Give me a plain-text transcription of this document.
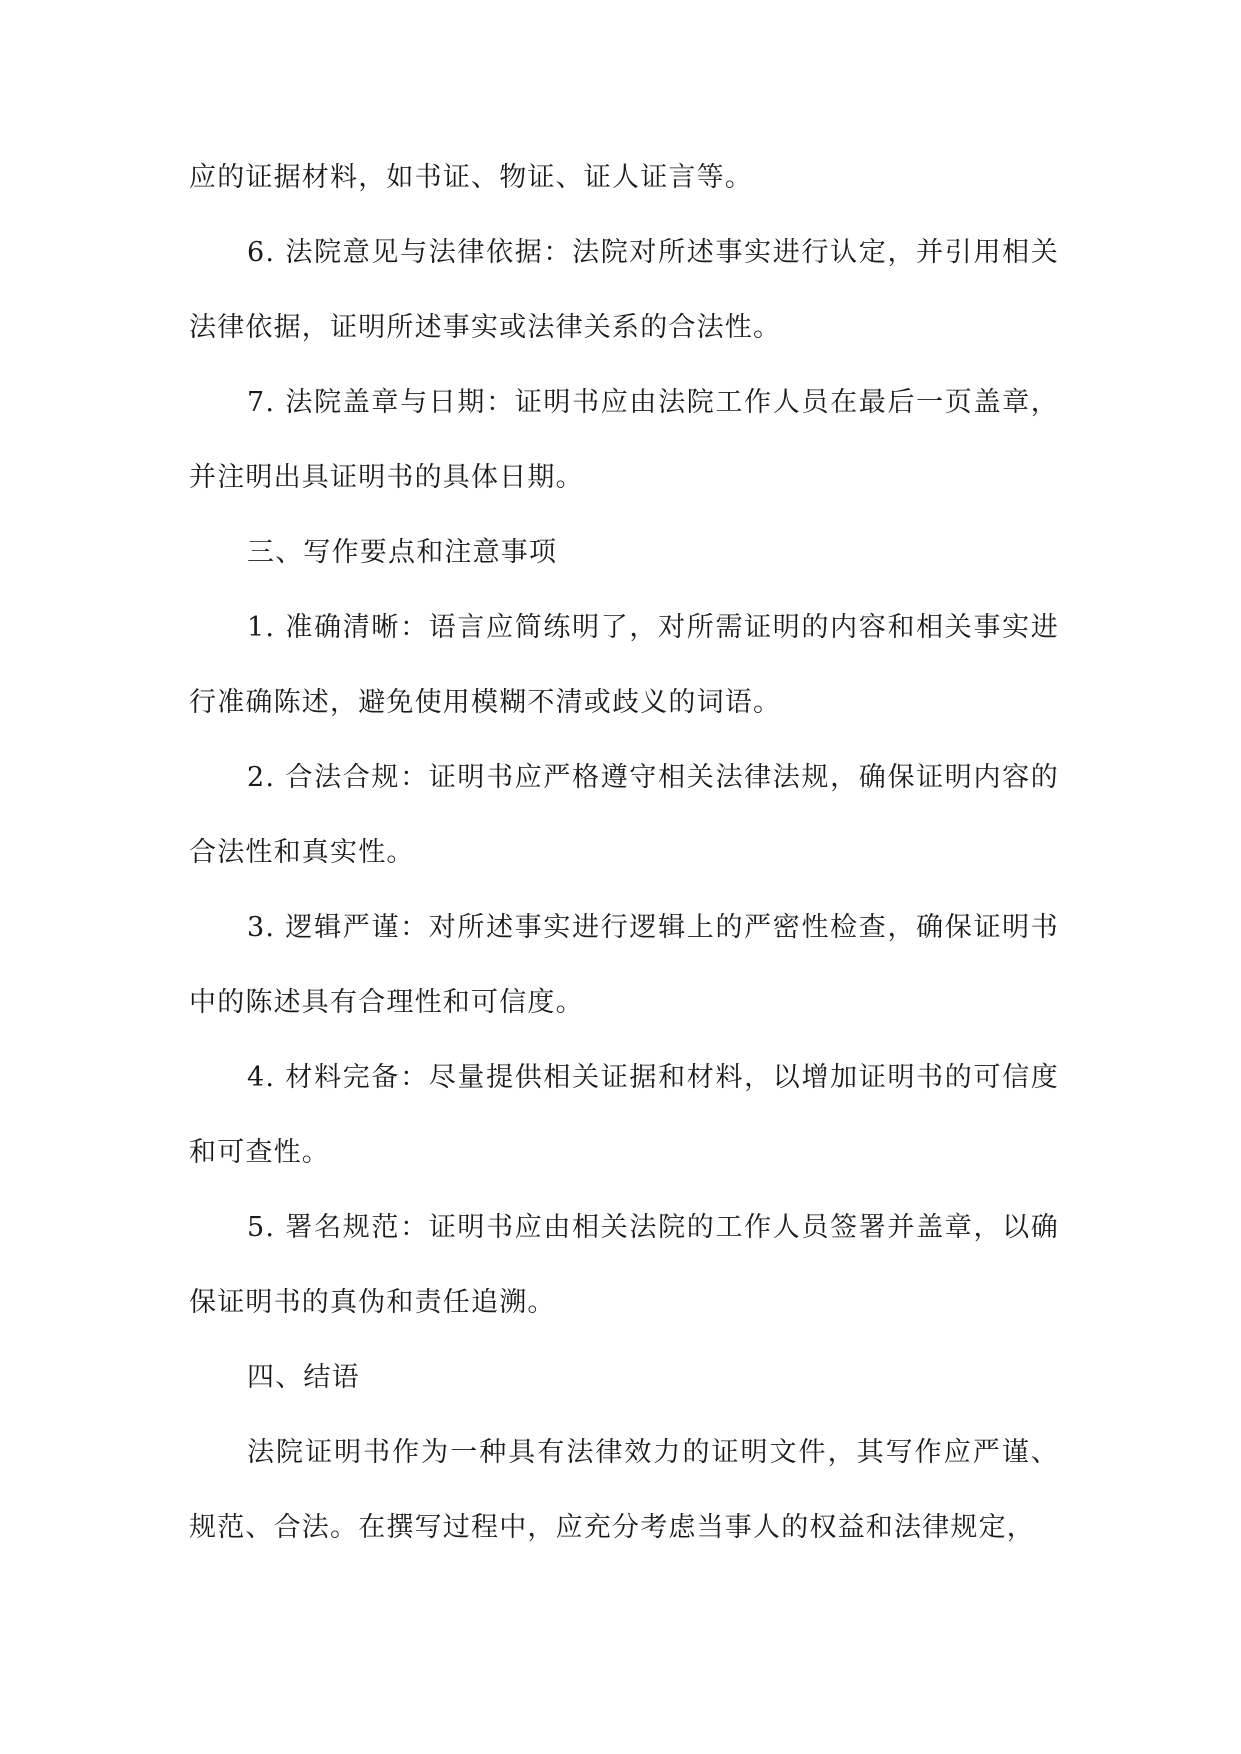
应的证据材料，如书证、物证、证人证言等。

6. 法院意见与法律依据：法院对所述事实进行认定，并引用相关法律依据，证明所述事实或法律关系的合法性。

7. 法院盖章与日期：证明书应由法院工作人员在最后一页盖章，并注明出具证明书的具体日期。

三、写作要点和注意事项

1. 准确清晰：语言应简练明了，对所需证明的内容和相关事实进行准确陈述，避免使用模糊不清或歧义的词语。

2. 合法合规：证明书应严格遵守相关法律法规，确保证明内容的合法性和真实性。

3. 逻辑严谨：对所述事实进行逻辑上的严密性检查，确保证明书中的陈述具有合理性和可信度。

4. 材料完备：尽量提供相关证据和材料，以增加证明书的可信度和可查性。

5. 署名规范：证明书应由相关法院的工作人员签署并盖章，以确保证明书的真伪和责任追溯。

四、结语

法院证明书作为一种具有法律效力的证明文件，其写作应严谨、规范、合法。在撰写过程中，应充分考虑当事人的权益和法律规定，
